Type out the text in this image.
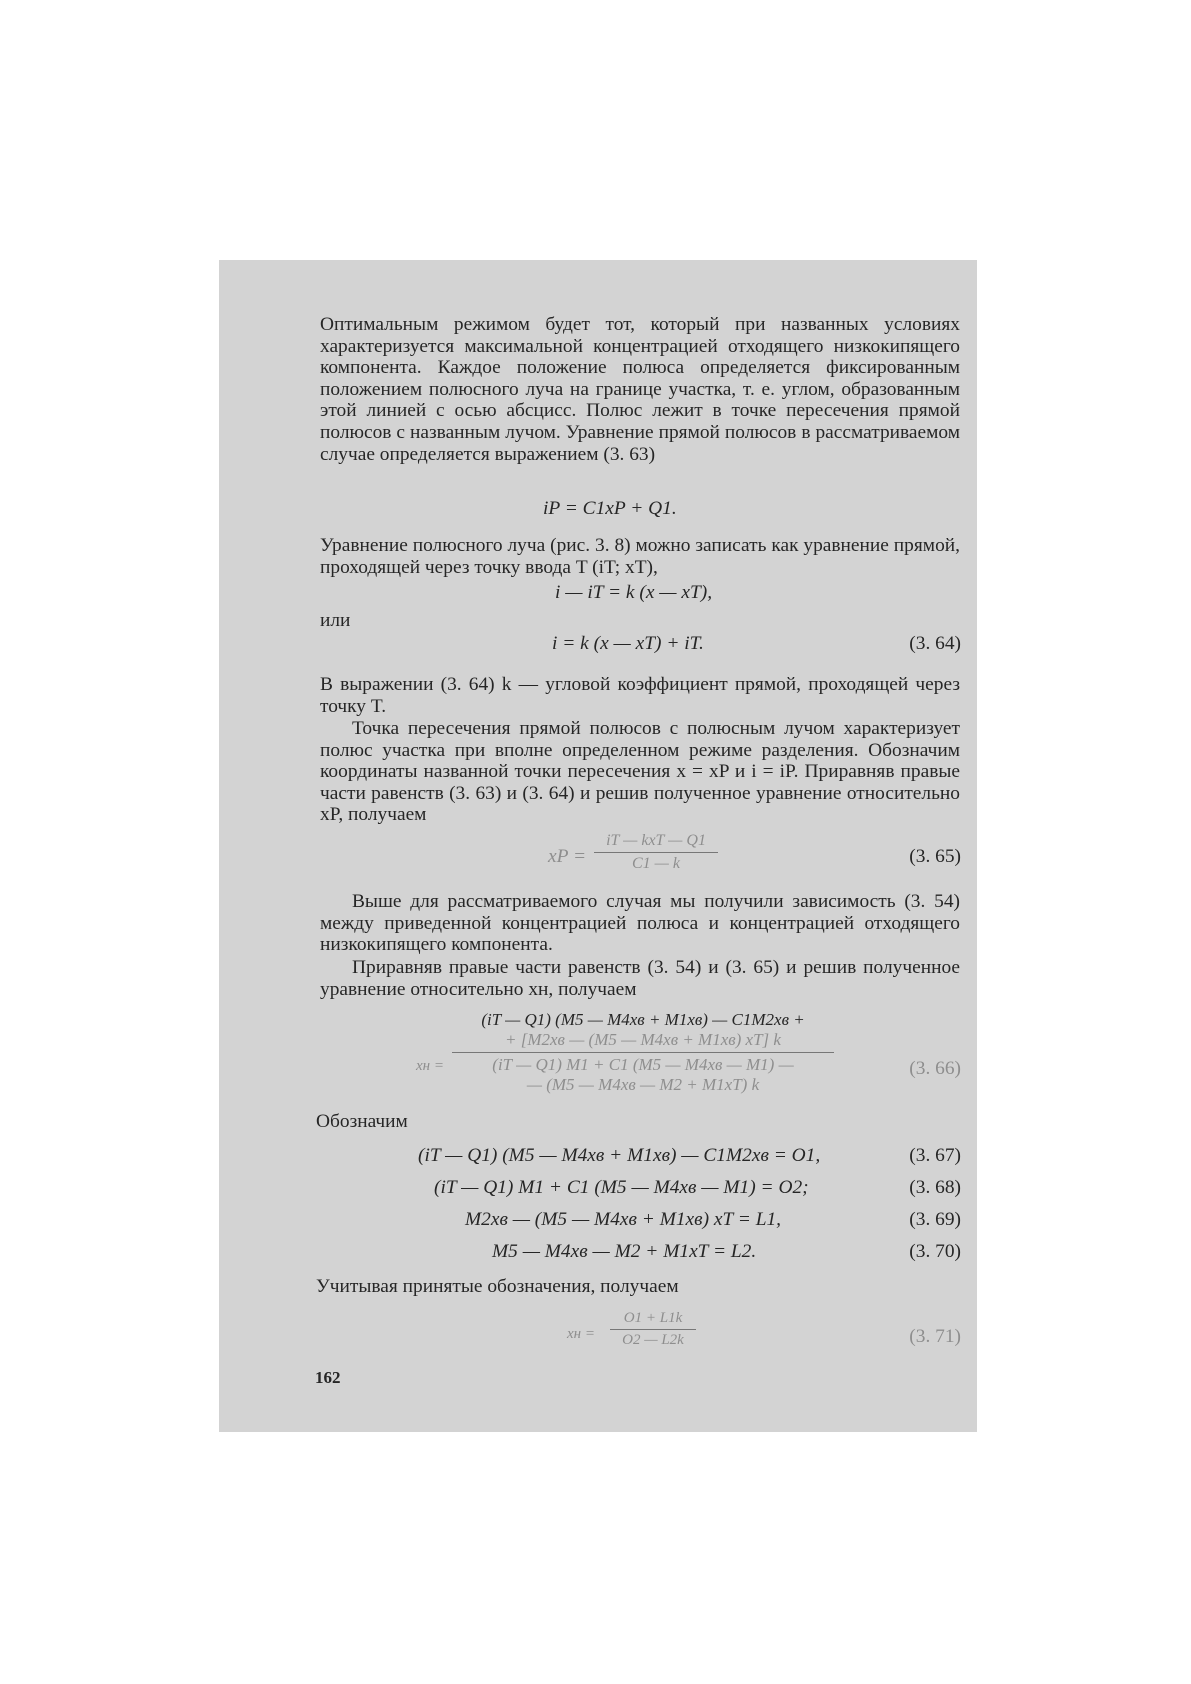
Оптимальным режимом будет тот, который при названных условиях характеризуется максимальной концентрацией отходящего низкокипящего компонента. Каждое положение полюса определяется фиксированным положением полюсного луча на границе участка, т. е. углом, образованным этой линией с осью абсцисс. Полюс лежит в точке пересечения прямой полюсов с названным лучом. Уравнение прямой полюсов в рассматриваемом случае определяется выражением (3. 63)

iP = C1xP + Q1.

Уравнение полюсного луча (рис. 3. 8) можно записать как уравнение прямой, проходящей через точку ввода T (iT; xT),

i — iT = k (x — xT),
или
i = k (x — xT) + iT.	(3. 64)

В выражении (3. 64) k — угловой коэффициент прямой, проходящей через точку T.

Точка пересечения прямой полюсов с полюсным лучом характеризует полюс участка при вполне определенном режиме разделения. Обозначим координаты названной точки пересечения x = xP и i = iP. Приравняв правые части равенств (3. 63) и (3. 64) и решив полученное уравнение относительно xP, получаем

xP =
iT — kxT — Q1
C1 — k	(3. 65)

Выше для рассматриваемого случая мы получили зависимость (3. 54) между приведенной концентрацией полюса и концентрацией отходящего низкокипящего компонента.

Приравняв правые части равенств (3. 54) и (3. 65) и решив полученное уравнение относительно xн, получаем

xн =
(iT — Q1) (M5 — M4xв + M1xв) — C1M2xв +
+ [M2xв — (M5 — M4xв + M1xв) xT] k
(iT — Q1) M1 + C1 (M5 — M4xв — M1) —
— (M5 — M4xв — M2 + M1xT) k
(3. 66)
Обозначим
(iT — Q1) (M5 — M4xв + M1xв) — C1M2xв = O1,	(3. 67)
(iT — Q1) M1 + C1 (M5 — M4xв — M1) = O2;	(3. 68)
M2xв — (M5 — M4xв + M1xв) xT = L1,	(3. 69)
M5 — M4xв — M2 + M1xT = L2.	(3. 70)
Учитывая принятые обозначения, получаем
xн =
O1 + L1k
O2 — L2k	(3. 71)
162
